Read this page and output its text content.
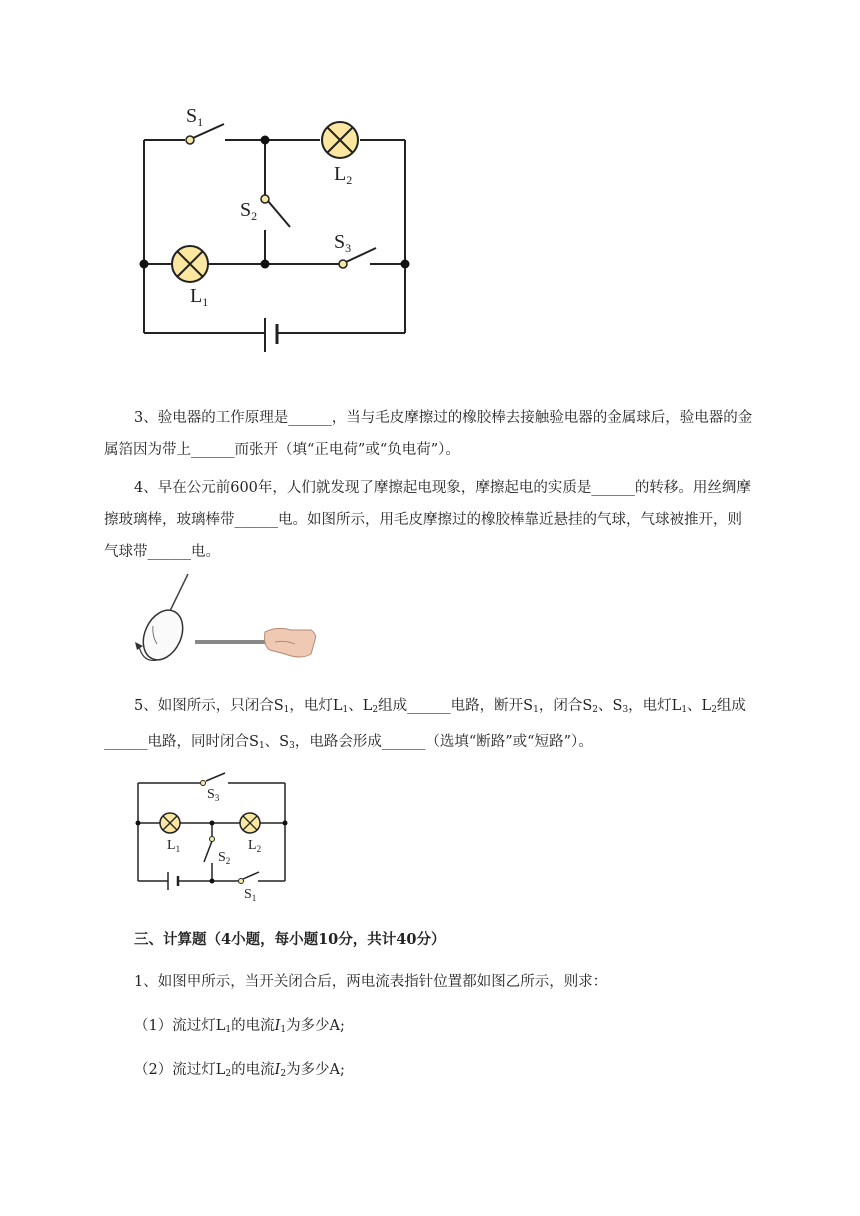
$S_1$
$L_2$
$S_2$
$S_3$
$L_1$
3、验电器的工作原理是______，当与毛皮摩擦过的橡胶棒去接触验电器的金属球后，验电器的金
属箔因为带上______而张开（填“正电荷”或“负电荷”）。
4、早在公元前600年，人们就发现了摩擦起电现象，摩擦起电的实质是______的转移。用丝绸摩
擦玻璃棒，玻璃棒带______电。如图所示，用毛皮摩擦过的橡胶棒靠近悬挂的气球，气球被推开，则
气球带______电。
5、如图所示，只闭合$S_1$，电灯$L_1$、$L_2$组成______电路，断开$S_1$，闭合$S_2$、$S_3$，电灯$L_1$、$L_2$组成
______电路，同时闭合$S_1$、$S_3$，电路会形成______（选填“断路”或“短路”）。
$S_3$
$L_1$	$L_2$
$S_2$
$S_1$
三、计算题（4小题，每小题10分，共计40分）
1、如图甲所示，当开关闭合后，两电流表指针位置都如图乙所示，则求：
（1）流过灯$L_1$的电流$I_1$为多少A;
（2）流过灯$L_2$的电流$I_2$为多少A;
